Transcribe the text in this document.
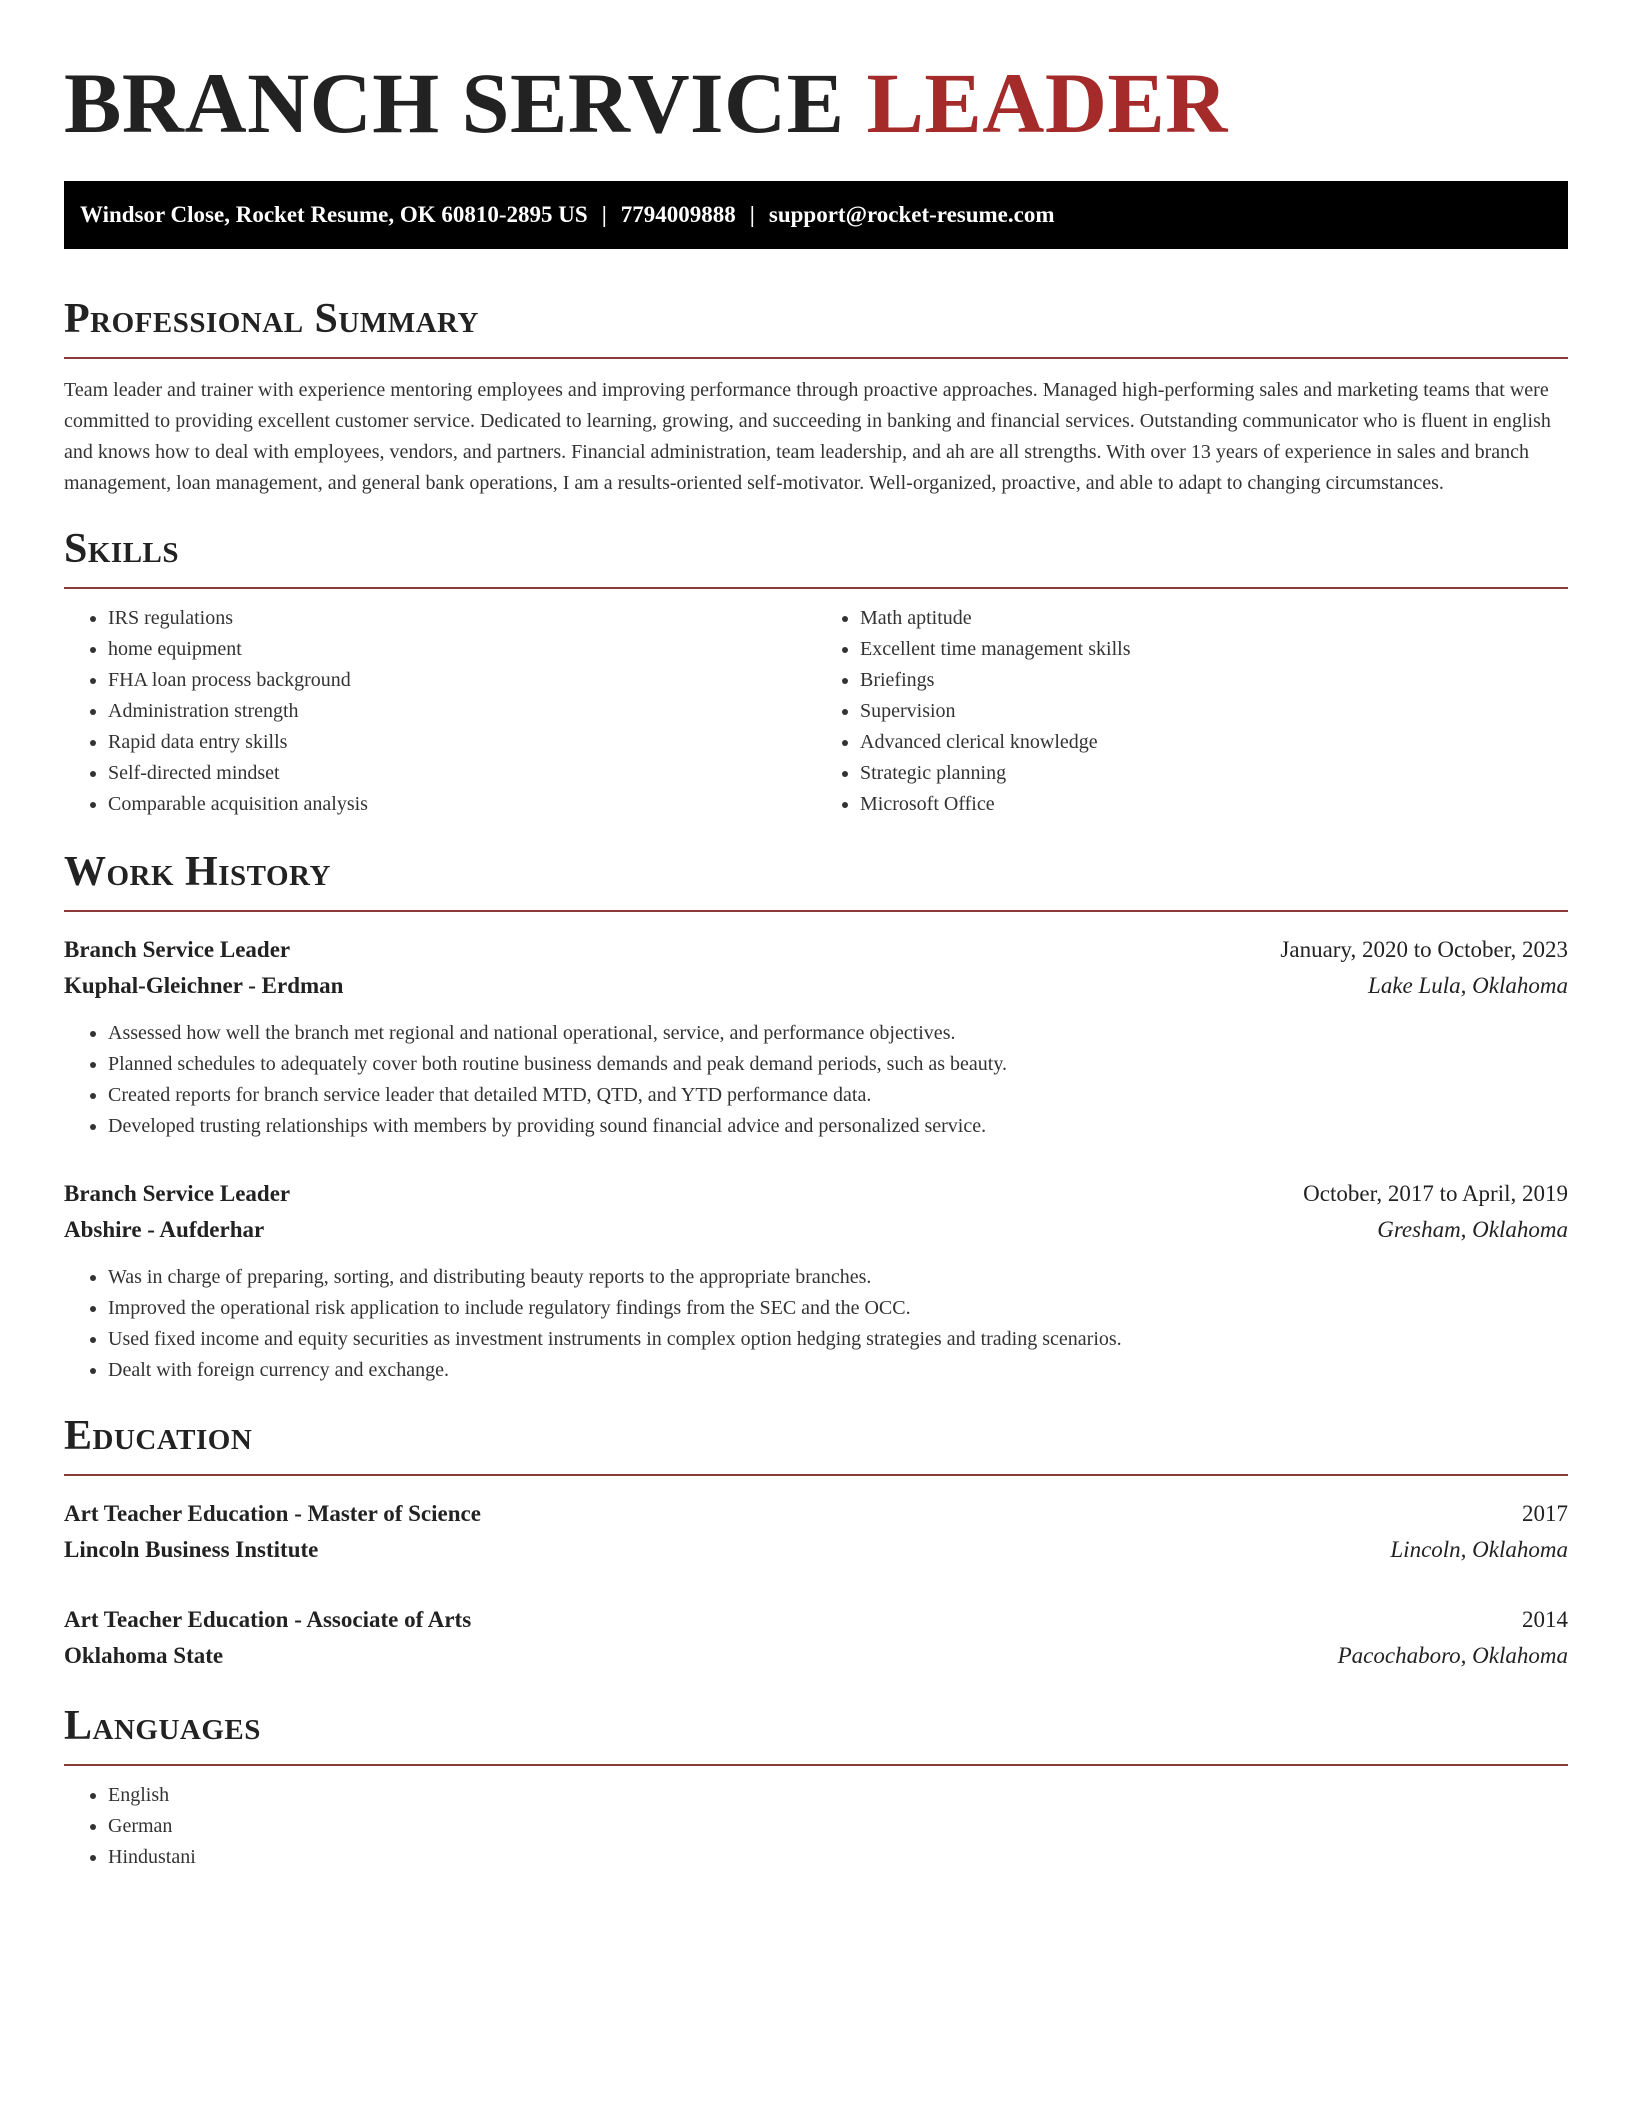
BRANCH SERVICE LEADER
Windsor Close, Rocket Resume, OK 60810-2895 US | 7794009888 | support@rocket-resume.com
Professional Summary

Team leader and trainer with experience mentoring employees and improving performance through proactive approaches. Managed high-performing sales and marketing teams that were committed to providing excellent customer service. Dedicated to learning, growing, and succeeding in banking and financial services. Outstanding communicator who is fluent in english and knows how to deal with employees, vendors, and partners. Financial administration, team leadership, and ah are all strengths. With over 13 years of experience in sales and branch management, loan management, and general bank operations, I am a results-oriented self-motivator. Well-organized, proactive, and able to adapt to changing circumstances.

Skills
• IRS regulations
• home equipment
• FHA loan process background
• Administration strength
• Rapid data entry skills
• Self-directed mindset
• Comparable acquisition analysis
• Math aptitude
• Excellent time management skills
• Briefings
• Supervision
• Advanced clerical knowledge
• Strategic planning
• Microsoft Office
Work History
Branch Service Leader	January, 2020 to October, 2023
Kuphal-Gleichner - Erdman	Lake Lula, Oklahoma
• Assessed how well the branch met regional and national operational, service, and performance objectives.
• Planned schedules to adequately cover both routine business demands and peak demand periods, such as beauty.
• Created reports for branch service leader that detailed MTD, QTD, and YTD performance data.
• Developed trusting relationships with members by providing sound financial advice and personalized service.
Branch Service Leader	October, 2017 to April, 2019
Abshire - Aufderhar	Gresham, Oklahoma
• Was in charge of preparing, sorting, and distributing beauty reports to the appropriate branches.
• Improved the operational risk application to include regulatory findings from the SEC and the OCC.
• Used fixed income and equity securities as investment instruments in complex option hedging strategies and trading scenarios.
• Dealt with foreign currency and exchange.
Education
Art Teacher Education - Master of Science	2017
Lincoln Business Institute	Lincoln, Oklahoma
Art Teacher Education - Associate of Arts	2014
Oklahoma State	Pacochaboro, Oklahoma
Languages
• English
• German
• Hindustani
